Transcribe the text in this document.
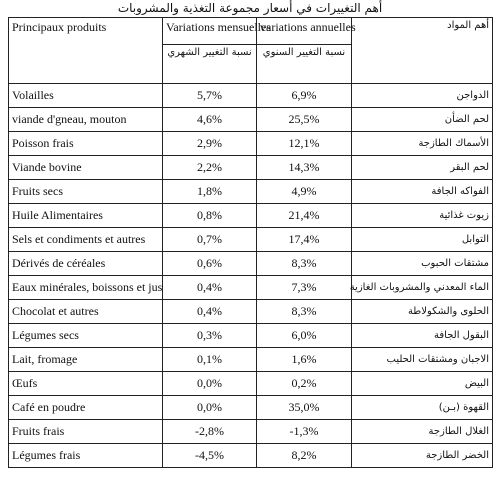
أهم التغييرات في أسعار مجموعة التغذية والمشروبات
Principaux produits	Variations mensuelles	variations annuelles	أهم المواد
	نسبة التغيير الشهري	نسبة التغيير السنوي	
Volailles	5,7%	6,9%	الدواجن
viande d'gneau, mouton	4,6%	25,5%	لحم الضأن
Poisson frais	2,9%	12,1%	الأسماك الطازجة
Viande bovine	2,2%	14,3%	لحم البقر
Fruits secs	1,8%	4,9%	الفواكه الجافة
Huile Alimentaires	0,8%	21,4%	زيوت غذائية
Sels et condiments et autres	0,7%	17,4%	التوابل
Dérivés de céréales	0,6%	8,3%	مشتقات الحبوب
Eaux minérales, boissons et jus	0,4%	7,3%	الماء المعدني والمشروبات الغازية
Chocolat et autres	0,4%	8,3%	الحلوى والشكولاطة
Légumes secs	0,3%	6,0%	البقول الجافة
Lait, fromage	0,1%	1,6%	الاجبان ومشتقات الحليب
Œufs	0,0%	0,2%	البيض
Café en poudre	0,0%	35,0%	القهوة (بـن)
Fruits frais	-2,8%	-1,3%	الغلال الطازجة
Légumes frais	-4,5%	8,2%	الخضر الطازجة
